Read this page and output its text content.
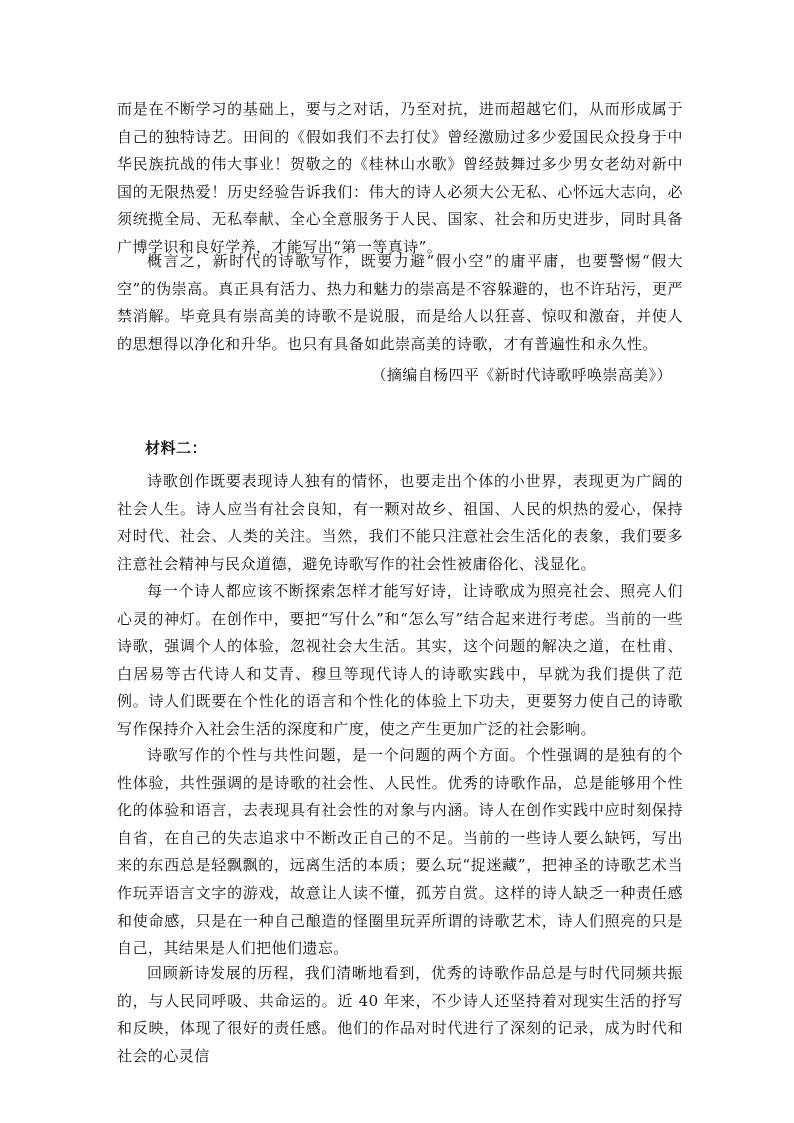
而是在不断学习的基础上，要与之对话，乃至对抗，进而超越它们，从而形成属于自己的独特诗艺。田间的《假如我们不去打仗》曾经激励过多少爱国民众投身于中华民族抗战的伟大事业！贺敬之的《桂林山水歌》曾经鼓舞过多少男女老幼对新中国的无限热爱！历史经验告诉我们：伟大的诗人必须大公无私、心怀远大志向，必须统揽全局、无私奉献、全心全意服务于人民、国家、社会和历史进步，同时具备广博学识和良好学养，才能写出“第一等真诗”。

概言之，新时代的诗歌写作，既要力避“假小空”的庸平庸，也要警惕“假大空”的伪崇高。真正具有活力、热力和魅力的崇高是不容躲避的，也不许玷污，更严禁消解。毕竟具有崇高美的诗歌不是说服，而是给人以狂喜、惊叹和激奋，并使人的思想得以净化和升华。也只有具备如此崇高美的诗歌，才有普遍性和永久性。

（摘编自杨四平《新时代诗歌呼唤崇高美》）

材料二：

诗歌创作既要表现诗人独有的情怀，也要走出个体的小世界，表现更为广阔的社会人生。诗人应当有社会良知，有一颗对故乡、祖国、人民的炽热的爱心，保持对时代、社会、人类的关注。当然，我们不能只注意社会生活化的表象，我们要多注意社会精神与民众道德，避免诗歌写作的社会性被庸俗化、浅显化。

每一个诗人都应该不断探索怎样才能写好诗，让诗歌成为照亮社会、照亮人们心灵的神灯。在创作中，要把“写什么”和“怎么写”结合起来进行考虑。当前的一些诗歌，强调个人的体验，忽视社会大生活。其实，这个问题的解决之道，在杜甫、白居易等古代诗人和艾青、穆旦等现代诗人的诗歌实践中，早就为我们提供了范例。诗人们既要在个性化的语言和个性化的体验上下功夫，更要努力使自己的诗歌写作保持介入社会生活的深度和广度，使之产生更加广泛的社会影响。

诗歌写作的个性与共性问题，是一个问题的两个方面。个性强调的是独有的个性体验，共性强调的是诗歌的社会性、人民性。优秀的诗歌作品，总是能够用个性化的体验和语言，去表现具有社会性的对象与内涵。诗人在创作实践中应时刻保持自省，在自己的失志追求中不断改正自己的不足。当前的一些诗人要么缺钙，写出来的东西总是轻飘飘的，远离生活的本质；要么玩“捉迷藏”，把神圣的诗歌艺术当作玩弄语言文字的游戏，故意让人读不懂，孤芳自赏。这样的诗人缺乏一种责任感和使命感，只是在一种自己酿造的怪圈里玩弄所谓的诗歌艺术，诗人们照亮的只是自己，其结果是人们把他们遗忘。

回顾新诗发展的历程，我们清晰地看到，优秀的诗歌作品总是与时代同频共振的，与人民同呼吸、共命运的。近 40 年来，不少诗人还坚持着对现实生活的抒写和反映，体现了很好的责任感。他们的作品对时代进行了深刻的记录，成为时代和社会的心灵信
